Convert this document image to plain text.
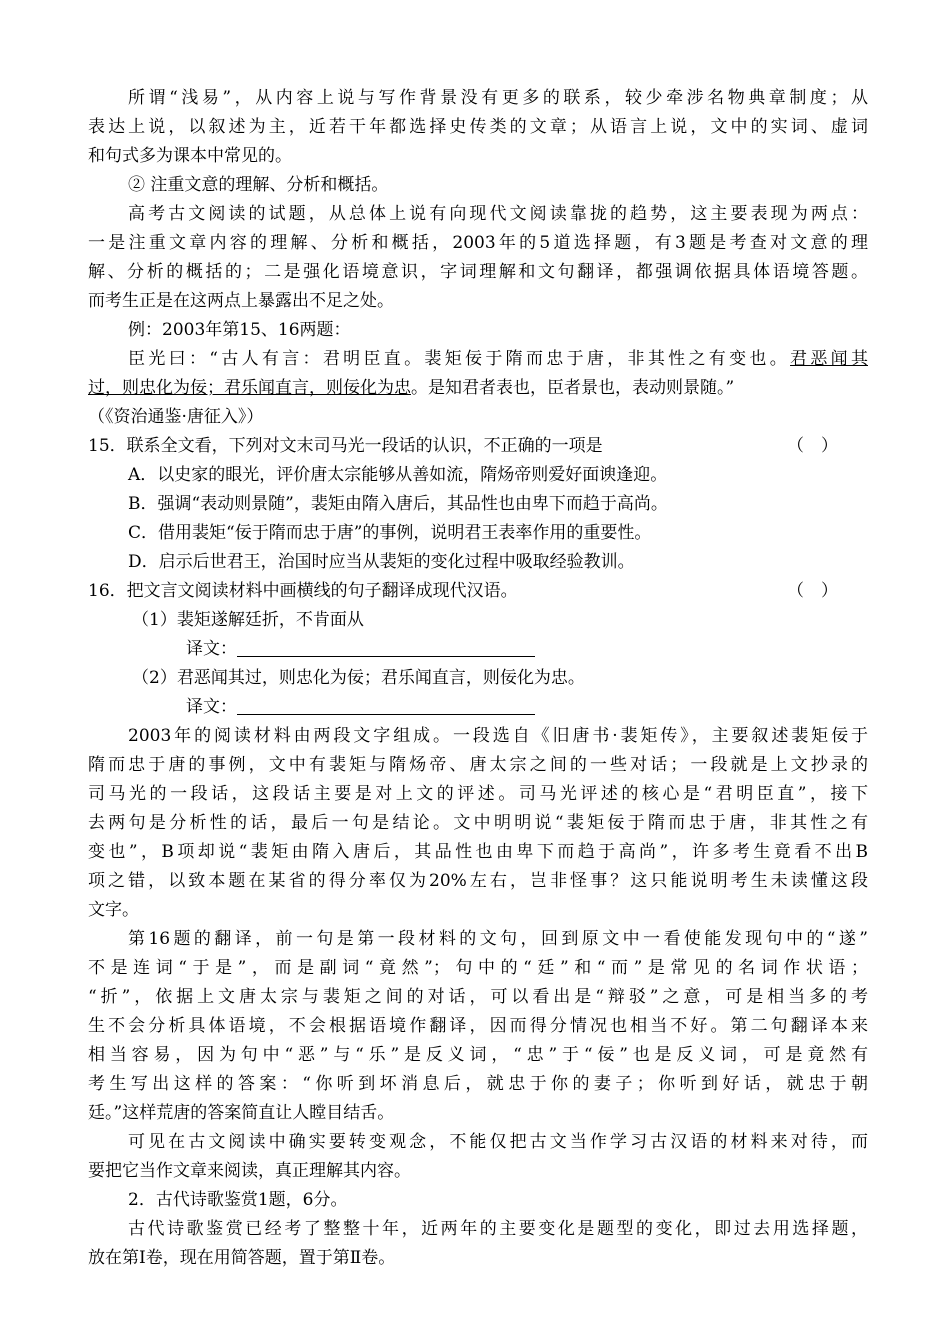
所谓“浅易”，从内容上说与写作背景没有更多的联系，较少牵涉名物典章制度；从
表达上说，以叙述为主，近若干年都选择史传类的文章；从语言上说，文中的实词、虚词
和句式多为课本中常见的。
② 注重文意的理解、分析和概括。
高考古文阅读的试题，从总体上说有向现代文阅读靠拢的趋势，这主要表现为两点：
一是注重文章内容的理解、分析和概括，2003年的5道选择题，有3题是考查对文意的理
解、分析的概括的；二是强化语境意识，字词理解和文句翻译，都强调依据具体语境答题。
而考生正是在这两点上暴露出不足之处。
例：2003年第15、16两题：
臣光曰：“古人有言：君明臣直。裴矩佞于隋而忠于唐，非其性之有变也。君恶闻其
过，则忠化为佞；君乐闻直言，则佞化为忠。是知君者表也，臣者景也，表动则景随。”
（《资治通鉴·唐征入》）
15．联系全文看，下列对文末司马光一段话的认识，不正确的一项是	（　）
A．以史家的眼光，评价唐太宗能够从善如流，隋炀帝则爱好面谀逢迎。
B．强调“表动则景随”，裴矩由隋入唐后，其品性也由卑下而趋于高尚。
C．借用裴矩“佞于隋而忠于唐”的事例，说明君王表率作用的重要性。
D．启示后世君王，治国时应当从裴矩的变化过程中吸取经验教训。
16．把文言文阅读材料中画横线的句子翻译成现代汉语。	（　）
（1）裴矩遂解廷折，不肯面从
译文：
（2）君恶闻其过，则忠化为佞；君乐闻直言，则佞化为忠。
译文：
2003年的阅读材料由两段文字组成。一段选自《旧唐书·裴矩传》，主要叙述裴矩佞于
隋而忠于唐的事例，文中有裴矩与隋炀帝、唐太宗之间的一些对话；一段就是上文抄录的
司马光的一段话，这段话主要是对上文的评述。司马光评述的核心是“君明臣直”，接下
去两句是分析性的话，最后一句是结论。文中明明说“裴矩佞于隋而忠于唐，非其性之有
变也”，B项却说“裴矩由隋入唐后，其品性也由卑下而趋于高尚”，许多考生竟看不出B
项之错，以致本题在某省的得分率仅为20%左右，岂非怪事？这只能说明考生未读懂这段
文字。
第16题的翻译，前一句是第一段材料的文句，回到原文中一看使能发现句中的“遂”
不是连词“于是”，而是副词“竟然”；句中的“廷”和“而”是常见的名词作状语；
“折”，依据上文唐太宗与裴矩之间的对话，可以看出是“辩驳”之意，可是相当多的考
生不会分析具体语境，不会根据语境作翻译，因而得分情况也相当不好。第二句翻译本来
相当容易，因为句中“恶”与“乐”是反义词，“忠”于“佞”也是反义词，可是竟然有
考生写出这样的答案：“你听到坏消息后，就忠于你的妻子；你听到好话，就忠于朝
廷。”这样荒唐的答案简直让人瞠目结舌。
可见在古文阅读中确实要转变观念，不能仅把古文当作学习古汉语的材料来对待，而
要把它当作文章来阅读，真正理解其内容。
2．古代诗歌鉴赏1题，6分。
古代诗歌鉴赏已经考了整整十年，近两年的主要变化是题型的变化，即过去用选择题，
放在第Ⅰ卷，现在用简答题，置于第Ⅱ卷。
